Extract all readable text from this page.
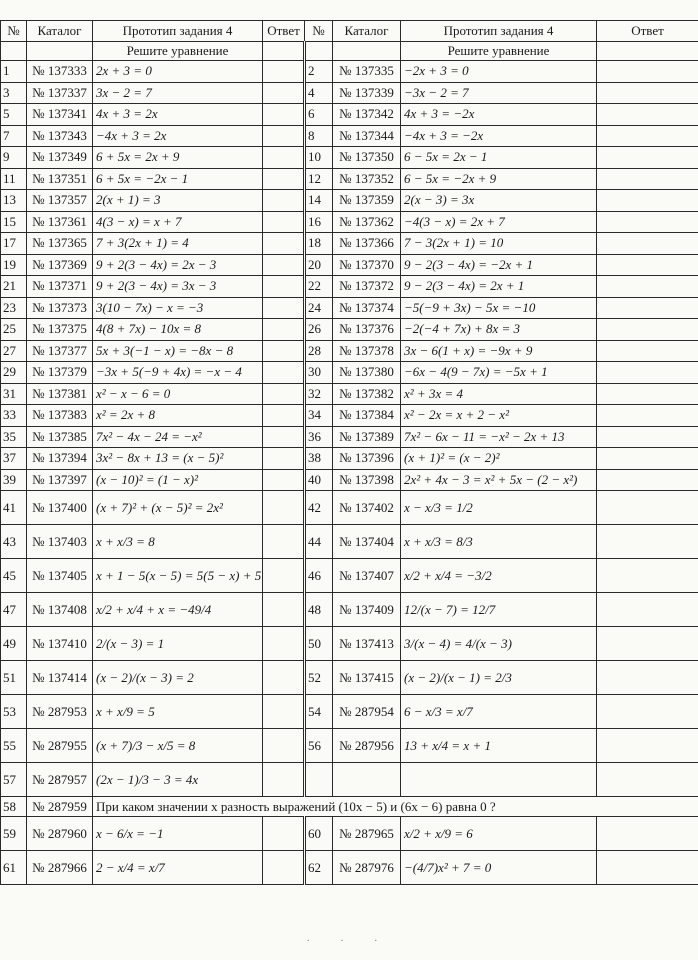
№	Каталог	Прототип задания 4	Ответ	№	Каталог	Прототип задания 4	Ответ
		Решите уравнение				Решите уравнение	
1	№ 137333	2x + 3 = 0		2	№ 137335	−2x + 3 = 0	
3	№ 137337	3x − 2 = 7		4	№ 137339	−3x − 2 = 7	
5	№ 137341	4x + 3 = 2x		6	№ 137342	4x + 3 = −2x	
7	№ 137343	−4x + 3 = 2x		8	№ 137344	−4x + 3 = −2x	
9	№ 137349	6 + 5x = 2x + 9		10	№ 137350	6 − 5x = 2x − 1	
11	№ 137351	6 + 5x = −2x − 1		12	№ 137352	6 − 5x = −2x + 9	
13	№ 137357	2(x + 1) = 3		14	№ 137359	2(x − 3) = 3x	
15	№ 137361	4(3 − x) = x + 7		16	№ 137362	−4(3 − x) = 2x + 7	
17	№ 137365	7 + 3(2x + 1) = 4		18	№ 137366	7 − 3(2x + 1) = 10	
19	№ 137369	9 + 2(3 − 4x) = 2x − 3		20	№ 137370	9 − 2(3 − 4x) = −2x + 1	
21	№ 137371	9 + 2(3 − 4x) = 3x − 3		22	№ 137372	9 − 2(3 − 4x) = 2x + 1	
23	№ 137373	3(10 − 7x) − x = −3		24	№ 137374	−5(−9 + 3x) − 5x = −10	
25	№ 137375	4(8 + 7x) − 10x = 8		26	№ 137376	−2(−4 + 7x) + 8x = 3	
27	№ 137377	5x + 3(−1 − x) = −8x − 8		28	№ 137378	3x − 6(1 + x) = −9x + 9	
29	№ 137379	−3x + 5(−9 + 4x) = −x − 4		30	№ 137380	−6x − 4(9 − 7x) = −5x + 1	
31	№ 137381	x² − x − 6 = 0		32	№ 137382	x² + 3x = 4	
33	№ 137383	x² = 2x + 8		34	№ 137384	x² − 2x = x + 2 − x²	
35	№ 137385	7x² − 4x − 24 = −x²		36	№ 137389	7x² − 6x − 11 = −x² − 2x + 13	
37	№ 137394	3x² − 8x + 13 = (x − 5)²		38	№ 137396	(x + 1)² = (x − 2)²	
39	№ 137397	(x − 10)² = (1 − x)²		40	№ 137398	2x² + 4x − 3 = x² + 5x − (2 − x²)	
41	№ 137400	(x + 7)² + (x − 5)² = 2x²		42	№ 137402	x − x/3 = 1/2	
43	№ 137403	x + x/3 = 8		44	№ 137404	x + x/3 = 8/3	
45	№ 137405	x + 1 − 5(x − 5) = 5(5 − x) + 5		46	№ 137407	x/2 + x/4 = −3/2	
47	№ 137408	x/2 + x/4 + x = −49/4		48	№ 137409	12/(x − 7) = 12/7	
49	№ 137410	2/(x − 3) = 1		50	№ 137413	3/(x − 4) = 4/(x − 3)	
51	№ 137414	(x − 2)/(x − 3) = 2		52	№ 137415	(x − 2)/(x − 1) = 2/3	
53	№ 287953	x + x/9 = 5		54	№ 287954	6 − x/3 = x/7	
55	№ 287955	(x + 7)/3 − x/5 = 8		56	№ 287956	13 + x/4 = x + 1	
57	№ 287957	(2x − 1)/3 − 3 = 4x					
58	№ 287959	При каком значении x разность выражений (10x − 5) и (6x − 6) равна 0 ?					
59	№ 287960	x − 6/x = −1		60	№ 287965	x/2 + x/9 = 6	
61	№ 287966	2 − x/4 = x/7		62	№ 287976	−(4/7)x² + 7 = 0	
· · ·
